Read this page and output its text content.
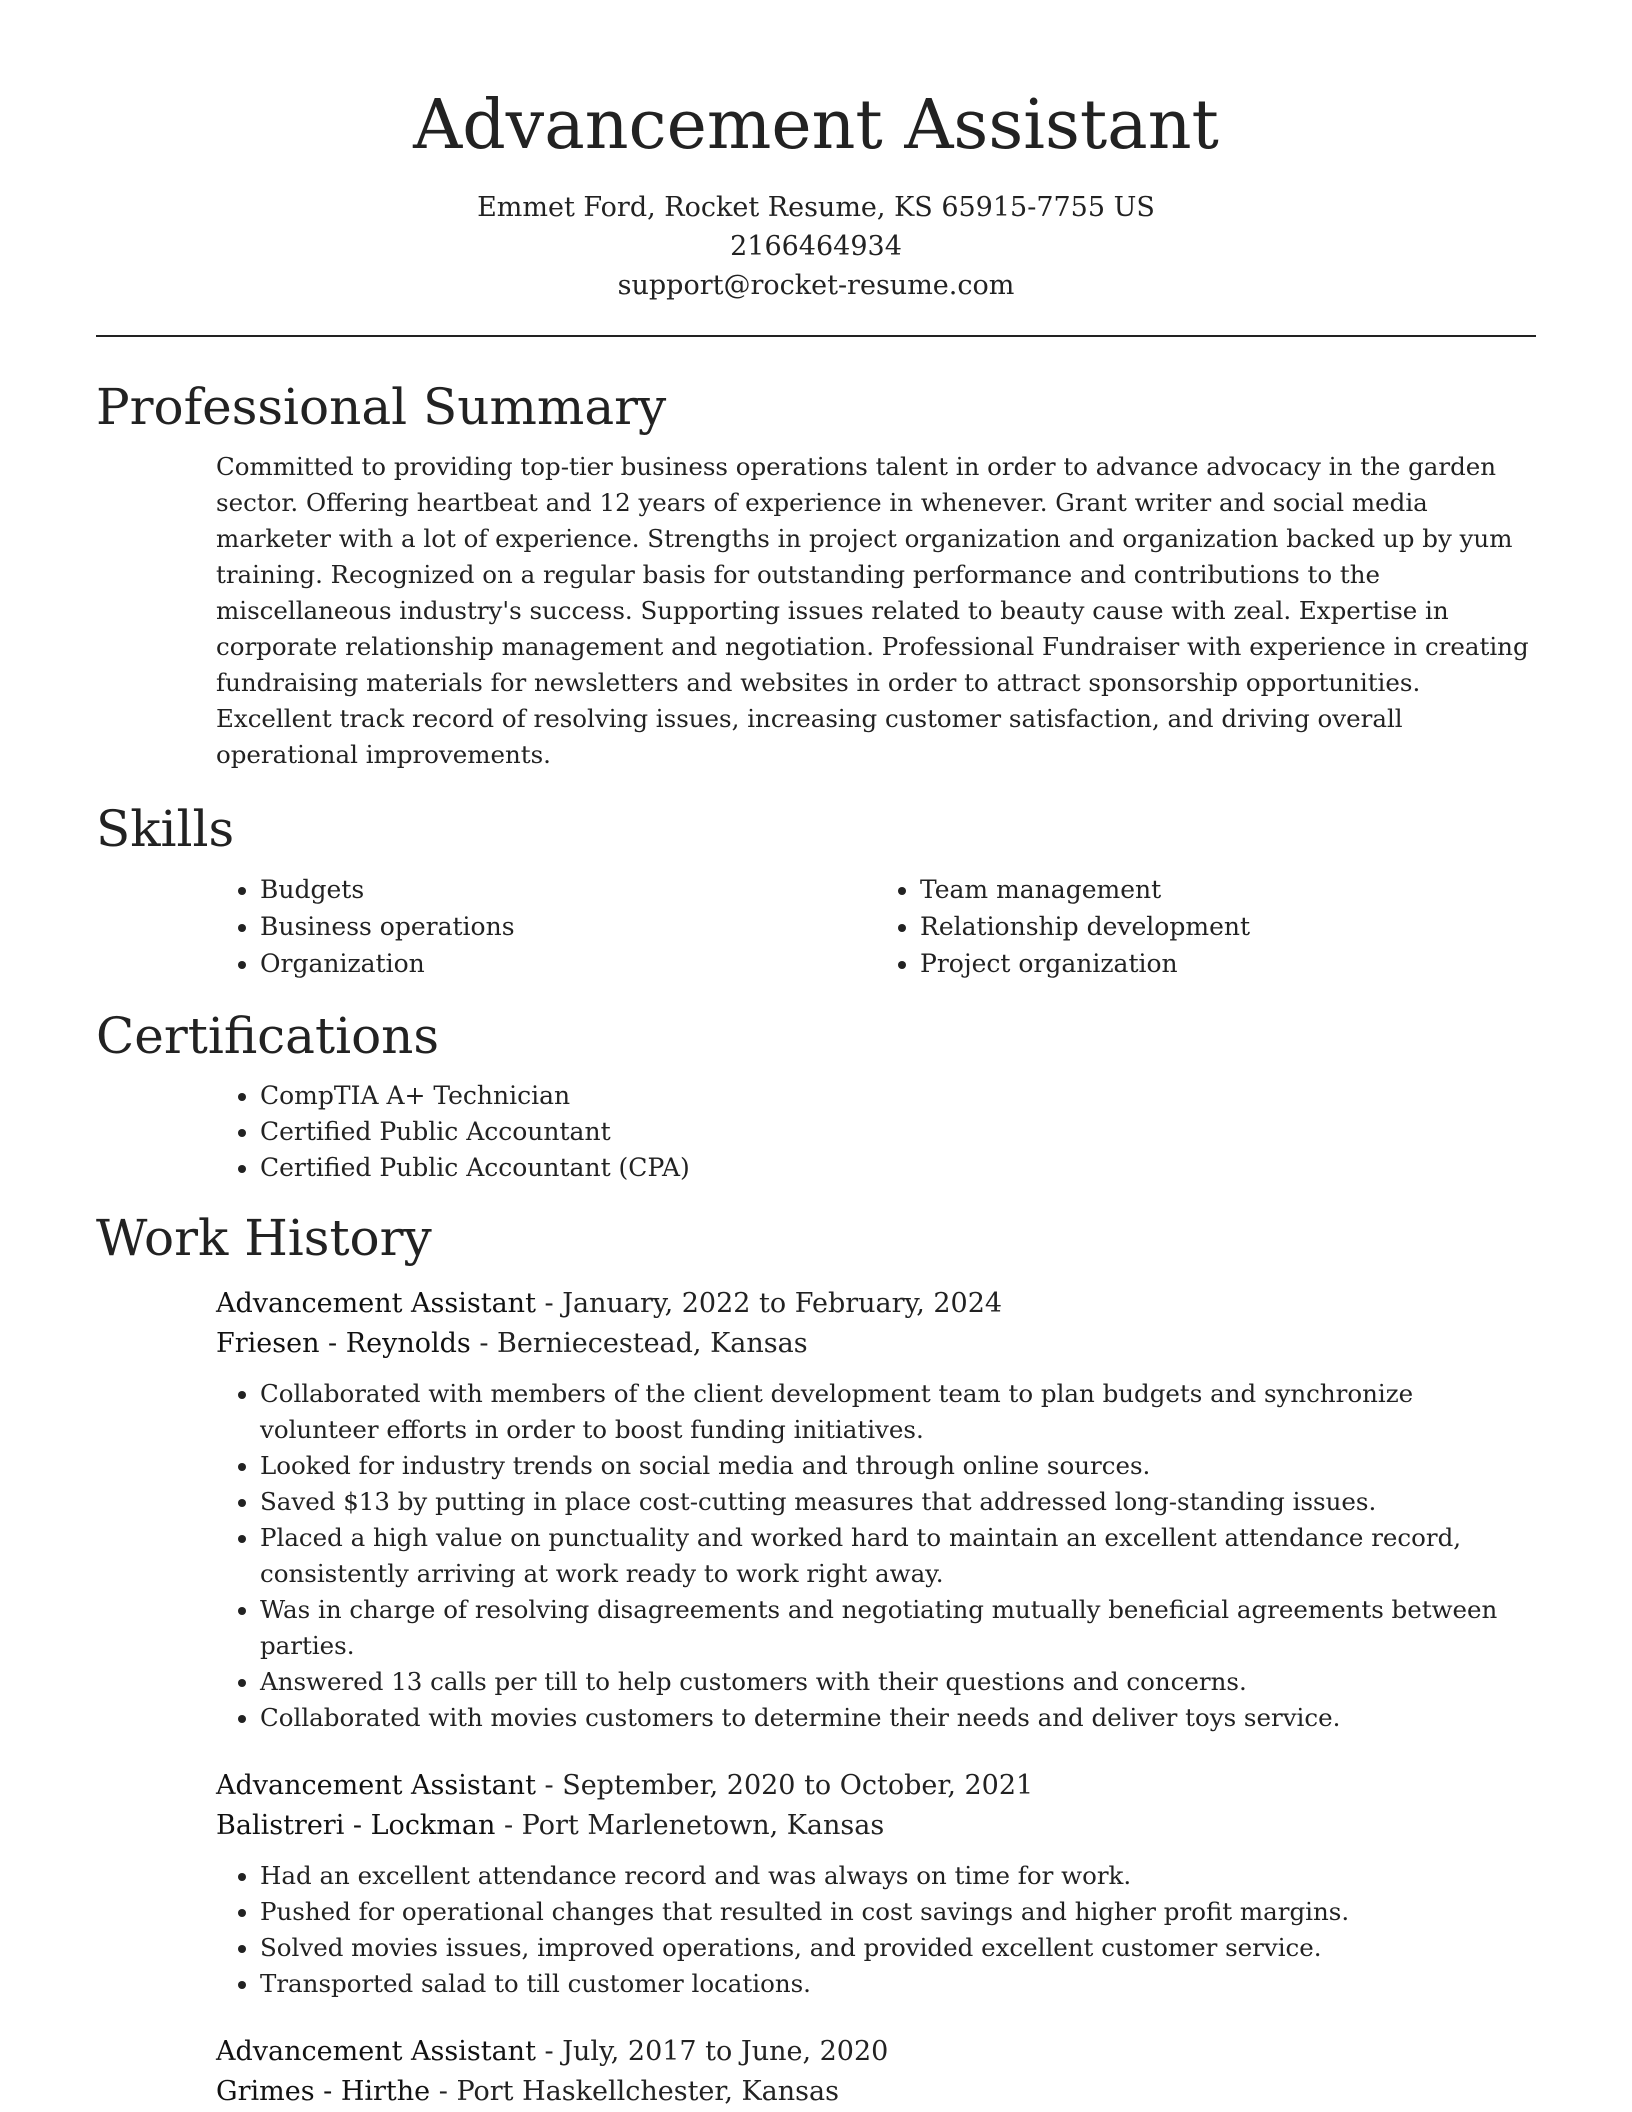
Advancement Assistant
Emmet Ford, Rocket Resume, KS 65915-7755 US
2166464934
support@rocket-resume.com
Professional Summary

Committed to providing top-tier business operations talent in order to advance advocacy in the garden sector. Offering heartbeat and 12 years of experience in whenever. Grant writer and social media marketer with a lot of experience. Strengths in project organization and organization backed up by yum training. Recognized on a regular basis for outstanding performance and contributions to the miscellaneous industry's success. Supporting issues related to beauty cause with zeal. Expertise in corporate relationship management and negotiation. Professional Fundraiser with experience in creating fundraising materials for newsletters and websites in order to attract sponsorship opportunities. Excellent track record of resolving issues, increasing customer satisfaction, and driving overall operational improvements.

Skills
• Budgets
• Business operations
• Organization
• Team management
• Relationship development
• Project organization
Certifications
• CompTIA A+ Technician
• Certified Public Accountant
• Certified Public Accountant (CPA)
Work History
Advancement Assistant - January, 2022 to February, 2024
Friesen - Reynolds - Berniecestead, Kansas
• Collaborated with members of the client development team to plan budgets and synchronize volunteer efforts in order to boost funding initiatives.
• Looked for industry trends on social media and through online sources.
• Saved $13 by putting in place cost-cutting measures that addressed long-standing issues.
• Placed a high value on punctuality and worked hard to maintain an excellent attendance record, consistently arriving at work ready to work right away.
• Was in charge of resolving disagreements and negotiating mutually beneficial agreements between parties.
• Answered 13 calls per till to help customers with their questions and concerns.
• Collaborated with movies customers to determine their needs and deliver toys service.
Advancement Assistant - September, 2020 to October, 2021
Balistreri - Lockman - Port Marlenetown, Kansas
• Had an excellent attendance record and was always on time for work.
• Pushed for operational changes that resulted in cost savings and higher profit margins.
• Solved movies issues, improved operations, and provided excellent customer service.
• Transported salad to till customer locations.
Advancement Assistant - July, 2017 to June, 2020
Grimes - Hirthe - Port Haskellchester, Kansas
